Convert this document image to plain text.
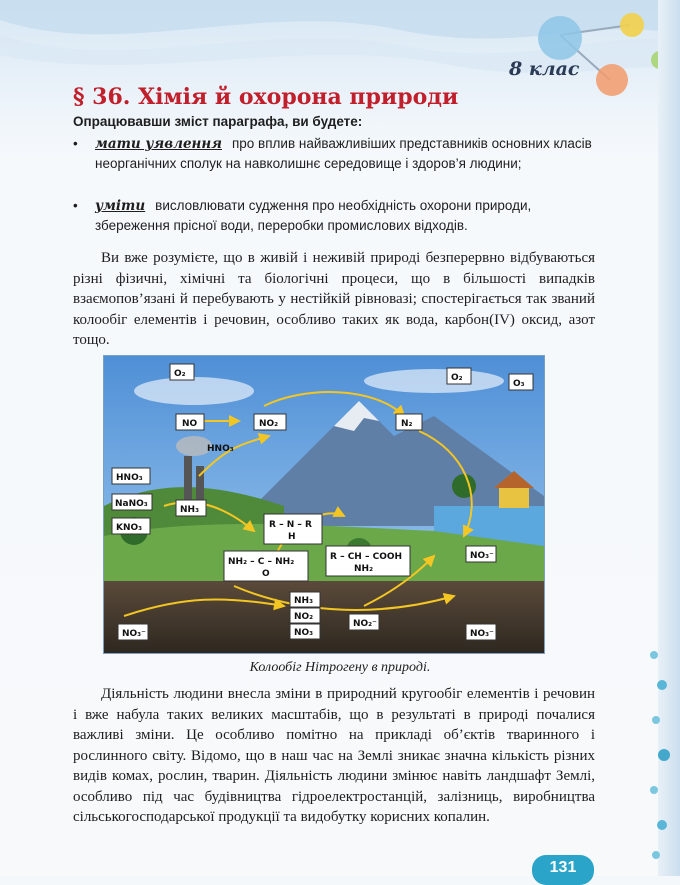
8 клас
§ 36. Хімія й охорона природи
Опрацювавши зміст параграфа, ви будете:
• мати уявлення про вплив найважливіших представників основних класів неорганічних сполук на навколишнє середовище і здоров’я людини;
• уміти висловлювати судження про необхідність охорони природи, збереження прісної води, переробки промислових відходів.

Ви вже розумієте, що в живій і неживій природі безперервно відбуваються різні фізичні, хімічні та біологічні процеси, що в більшості випадків взаємопов’язані й перебувають у нестійкій рівновазі; спостерігається так званий колообіг елементів і речовин, особливо таких як вода, карбон(IV) оксид, азот тощо.

O₂	O₂
O₃
NO	NO₂
HNO₃
N₂
HNO₃
NaNO₃
KNO₃
NH₃
R – N – R
H
NH₂ – C – NH₂
O
R – CH – COOH
NH₂
NO₃⁻
NH₃
NO₂
NO₃
NO₂⁻
NO₃⁻	NO₃⁻
Колообіг Нітрогену в природі.

Діяльність людини внесла зміни в природний кругообіг елементів і речовин і вже набула таких великих масштабів, що в результаті в природі почалися важливі зміни. Це особливо помітно на прикладі об’єктів тваринного і рослинного світу. Відомо, що в наш час на Землі зникає значна кількість різних видів комах, рослин, тварин. Діяльність людини змінює навіть ландшафт Землі, особливо під час будівництва гідроелектростанцій, залізниць, виробництва сільськогосподарської продукції та видобутку корисних копалин.

131
